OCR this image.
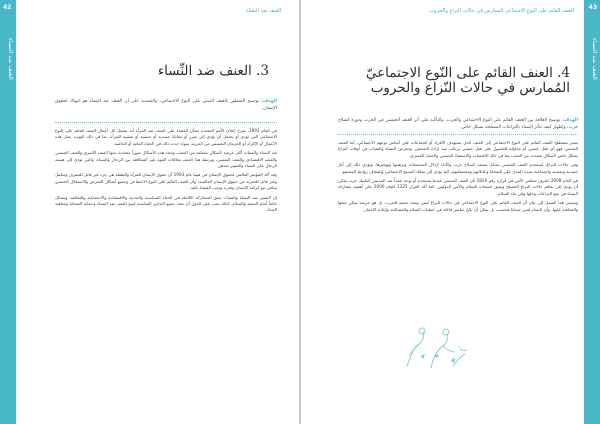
42
العنف ضد النساء
العنف ضد النساء
3. العنف ضد النِّساء
الهدف: توضيح المنظور بالعنف المبني على النوع الاجتماعي، والتشديد على أن العنف ضد النساء هو انتهاك لحقوق الإنسان.

في العام 1993، شرح إعلان الأمم المتحدة بشأن القضاء على العنف ضد المرأة أنه يشمل كل أعمال العنف القائم على النوع الاجتماعي التي تؤدي أو يحتمل أن تؤدي إلى ضرر أو معاناة جسدية أو جنسية أو نفسية للمرأة، بما في ذلك التهديد بمثل هذه الأعمال أو الإكراه أو الحرمان التعسفي من الحرية، سواء حدث ذلك في الحياة العامة أو الخاصة.

تعد النساء والفتيات أكثر عرضة لأشكال مختلفة من العنف، وتتخذ هذه الأشكال صوراً متعددة، منها العنف الأسري والعنف الجنسي والعنف الاقتصادي والعنف النفسي، ويرتبط هذا العنف بعلاقات القوة غير المتكافئة بين الرجال والنساء، والتي تؤدي إلى هيمنة الرجال على النساء والتمييز ضدهن.

وقد أكد المؤتمر العالمي لحقوق الإنسان في فيينا عام 1993 أن حقوق الإنسان للمرأة والطفلة هي جزء غير قابل للتصرف ومكمل وغير قابل للتجزئة من حقوق الإنسان العالمية، وأن العنف القائم على النوع الاجتماعي وجميع أشكال التحرش والاستغلال الجنسي يتنافى مع كرامة الإنسان وقدره ويجب القضاء عليه.

إن التمييز ضد النساء والفتيات يعيق المشاركة الكاملة في الحياة السياسية والمدنية والاقتصادية والاجتماعية والثقافية، ويشكل عائقاً أمام التنمية والسلام. لذلك يجب على الدول أن تتخذ جميع التدابير المناسبة لمنع العنف ضد النساء وحماية الضحايا ومعاقبة الجناة.

43
العنف ضد النساء
العنف القائم على النوع الاجتماعي الممارس في حالات النزاع والحروب
4. العنف القائم على النّوع الاجتماعيّ المُمارس في حالات النّزاع والحروب
الهدف: توضيح العلاقة بين العنف القائم على النوع الاجتماعي والحرب، والتأكيد على أثر العنف الجنسي في الحرب ودوره كسلاح حرب، وإظهار كيف تتأثر النساء بالنزاعات المسلحة بشكل خاص.

يشير مصطلح العنف القائم على النوع الاجتماعي إلى العنف الذي يستهدف الأفراد أو الجماعات على أساس نوعهم الاجتماعي، أما العنف الجنسي فهو أي فعل جنسي أو محاولة للحصول على فعل جنسي يرتكب ضد إرادة الشخص. وتتعرض النساء والفتيات في أوقات النزاع بشكل خاص لأشكال متعددة من العنف، بما في ذلك الاغتصاب والاستعباد الجنسي والحمل القسري.

وفي حالات النزاع، يُستخدم العنف الجنسي بشكل متعمد كسلاح حرب وكأداة لإذلال المجتمعات وترهيبها وتهجيرها، ويؤدي ذلك إلى آثار جسدية ونفسية واجتماعية بعيدة المدى على الضحايا وعائلاتهم ومجتمعاتهم، كما يؤدي إلى تفكك النسيج الاجتماعي وإضعاف روابط المجتمع.

في العام 2008 اعترف مجلس الأمن في قراره رقم 1820 بأن العنف الجنسي عندما يستخدم أو يوجه عمداً ضد المدنيين كتكتيك حرب يمكن أن يؤدي إلى تفاقم حالات النزاع المسلح ويعيق استعادة السلام والأمن الدوليين. كما أكد القرار 1325 للعام 2000 على أهمية مشاركة النساء في منع النزاعات وحلها وفي بناء السلام.

ويسعى هذا الفصل إلى بيان أن العنف القائم على النوع الاجتماعي في حالات النزاع ليس نتيجة حتمية للحرب، بل هو جريمة يمكن منعها والمعاقبة عليها، وأن النساء لسن ضحايا فحسب، بل يمكن أن يكنّ عناصر فاعلة في عمليات السلام والمصالحة وإعادة الإعمار.
